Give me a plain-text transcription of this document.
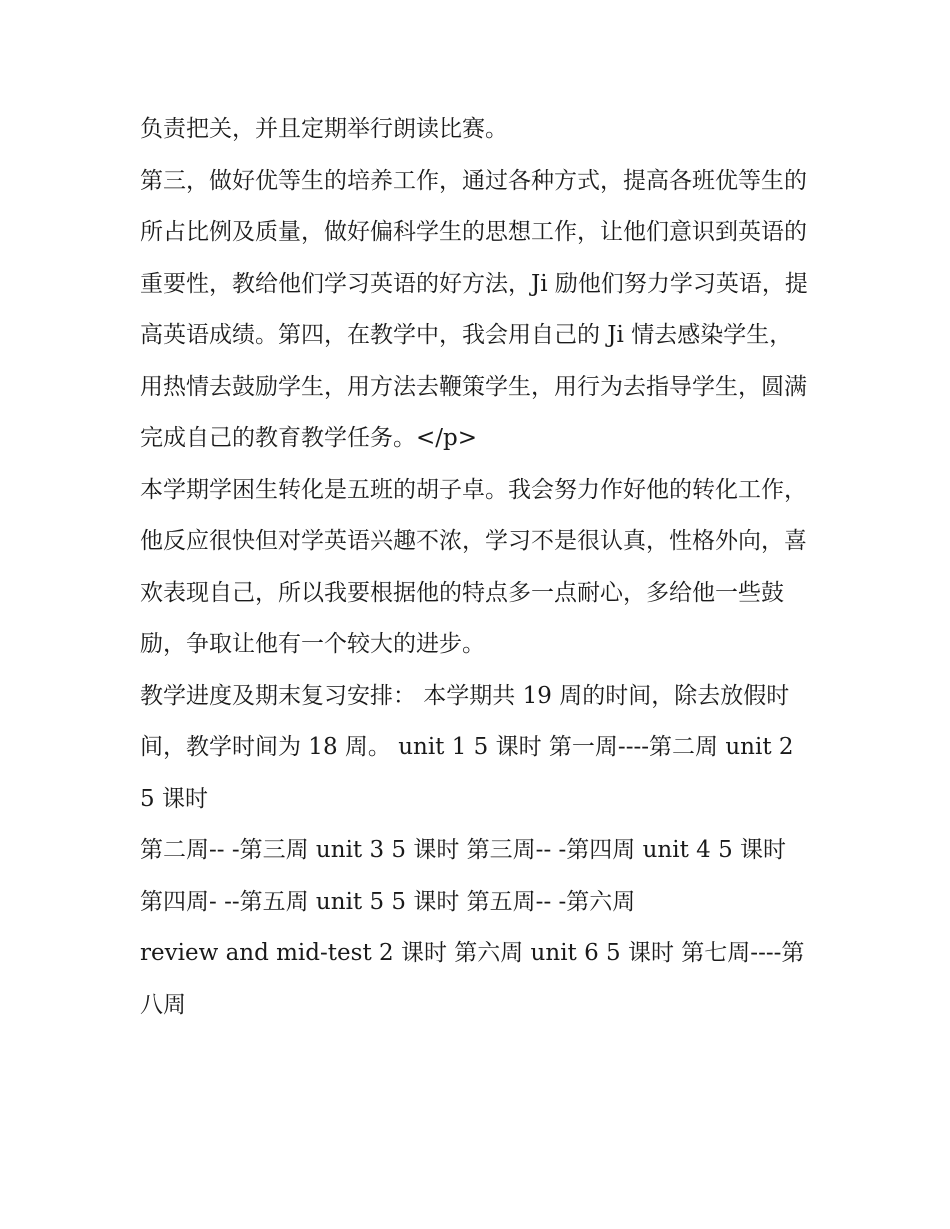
负责把关，并且定期举行朗读比赛。

第三，做好优等生的培养工作，通过各种方式，提高各班优等生的所占比例及质量，做好偏科学生的思想工作，让他们意识到英语的重要性，教给他们学习英语的好方法，Ji 励他们努力学习英语，提高英语成绩。第四，在教学中，我会用自己的 Ji 情去感染学生，用热情去鼓励学生，用方法去鞭策学生，用行为去指导学生，圆满完成自己的教育教学任务。</p>

本学期学困生转化是五班的胡子卓。我会努力作好他的转化工作，他反应很快但对学英语兴趣不浓，学习不是很认真，性格外向，喜欢表现自己，所以我要根据他的特点多一点耐心，多给他一些鼓励，争取让他有一个较大的进步。

教学进度及期末复习安排： 本学期共 19 周的时间，除去放假时间，教学时间为 18 周。 unit 1 5 课时 第一周----第二周 unit 2 5 课时

第二周-- -第三周 unit 3 5 课时 第三周-- -第四周 unit 4 5 课时

第四周- --第五周 unit 5 5 课时 第五周-- -第六周

review and mid-test 2 课时 第六周 unit 6 5 课时 第七周----第八周
